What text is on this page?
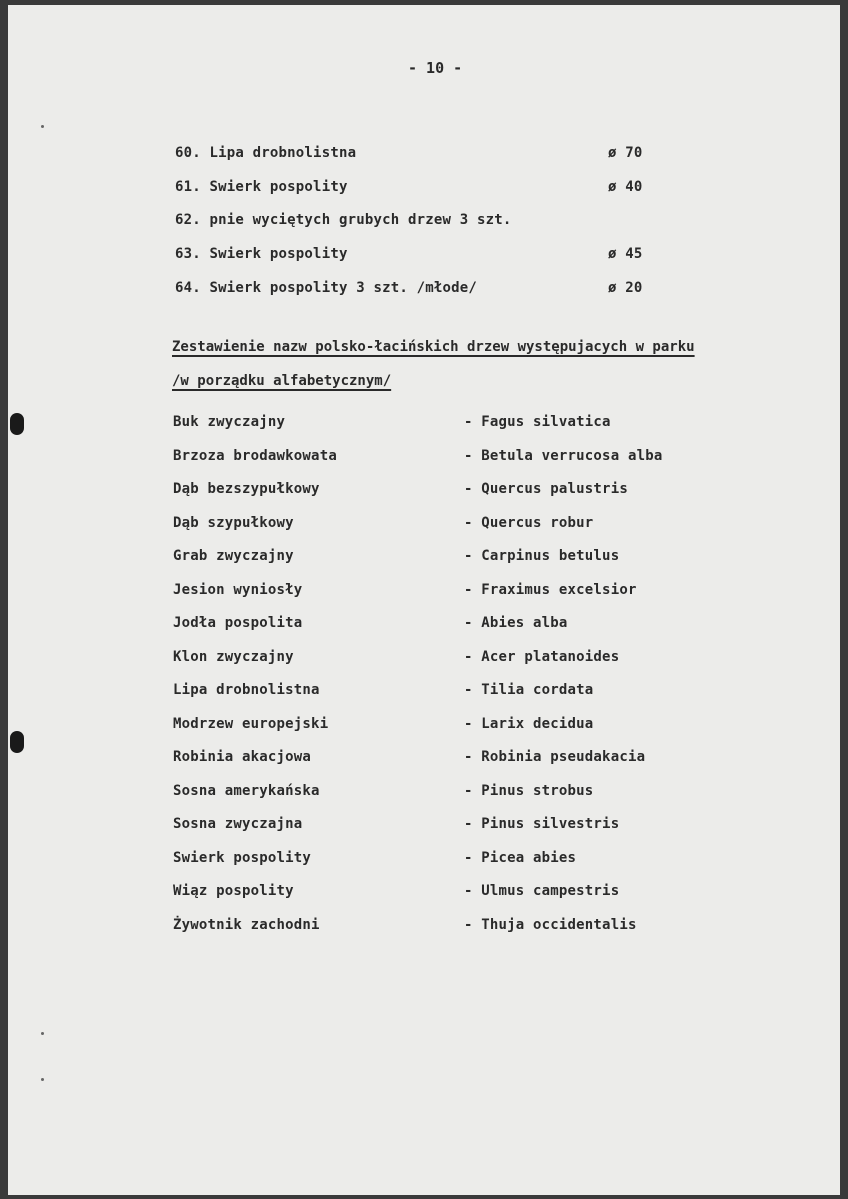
- 10 -
60. Lipa drobnolistna	ø 70
61. Swierk pospolity	ø 40
62. pnie wyciętych grubych drzew 3 szt.
63. Swierk pospolity	ø 45
64. Swierk pospolity 3 szt. /młode/	ø 20
Zestawienie nazw polsko-łacińskich drzew występujacych w parku
/w porządku alfabetycznym/
Buk zwyczajny	- Fagus silvatica
Brzoza brodawkowata	- Betula verrucosa alba
Dąb bezszypułkowy	- Quercus palustris
Dąb szypułkowy	- Quercus robur
Grab zwyczajny	- Carpinus betulus
Jesion wyniosły	- Fraximus excelsior
Jodła pospolita	- Abies alba
Klon zwyczajny	- Acer platanoides
Lipa drobnolistna	- Tilia cordata
Modrzew europejski	- Larix decidua
Robinia akacjowa	- Robinia pseudakacia
Sosna amerykańska	- Pinus strobus
Sosna zwyczajna	- Pinus silvestris
Swierk pospolity	- Picea abies
Wiąz pospolity	- Ulmus campestris
Żywotnik zachodni	- Thuja occidentalis
